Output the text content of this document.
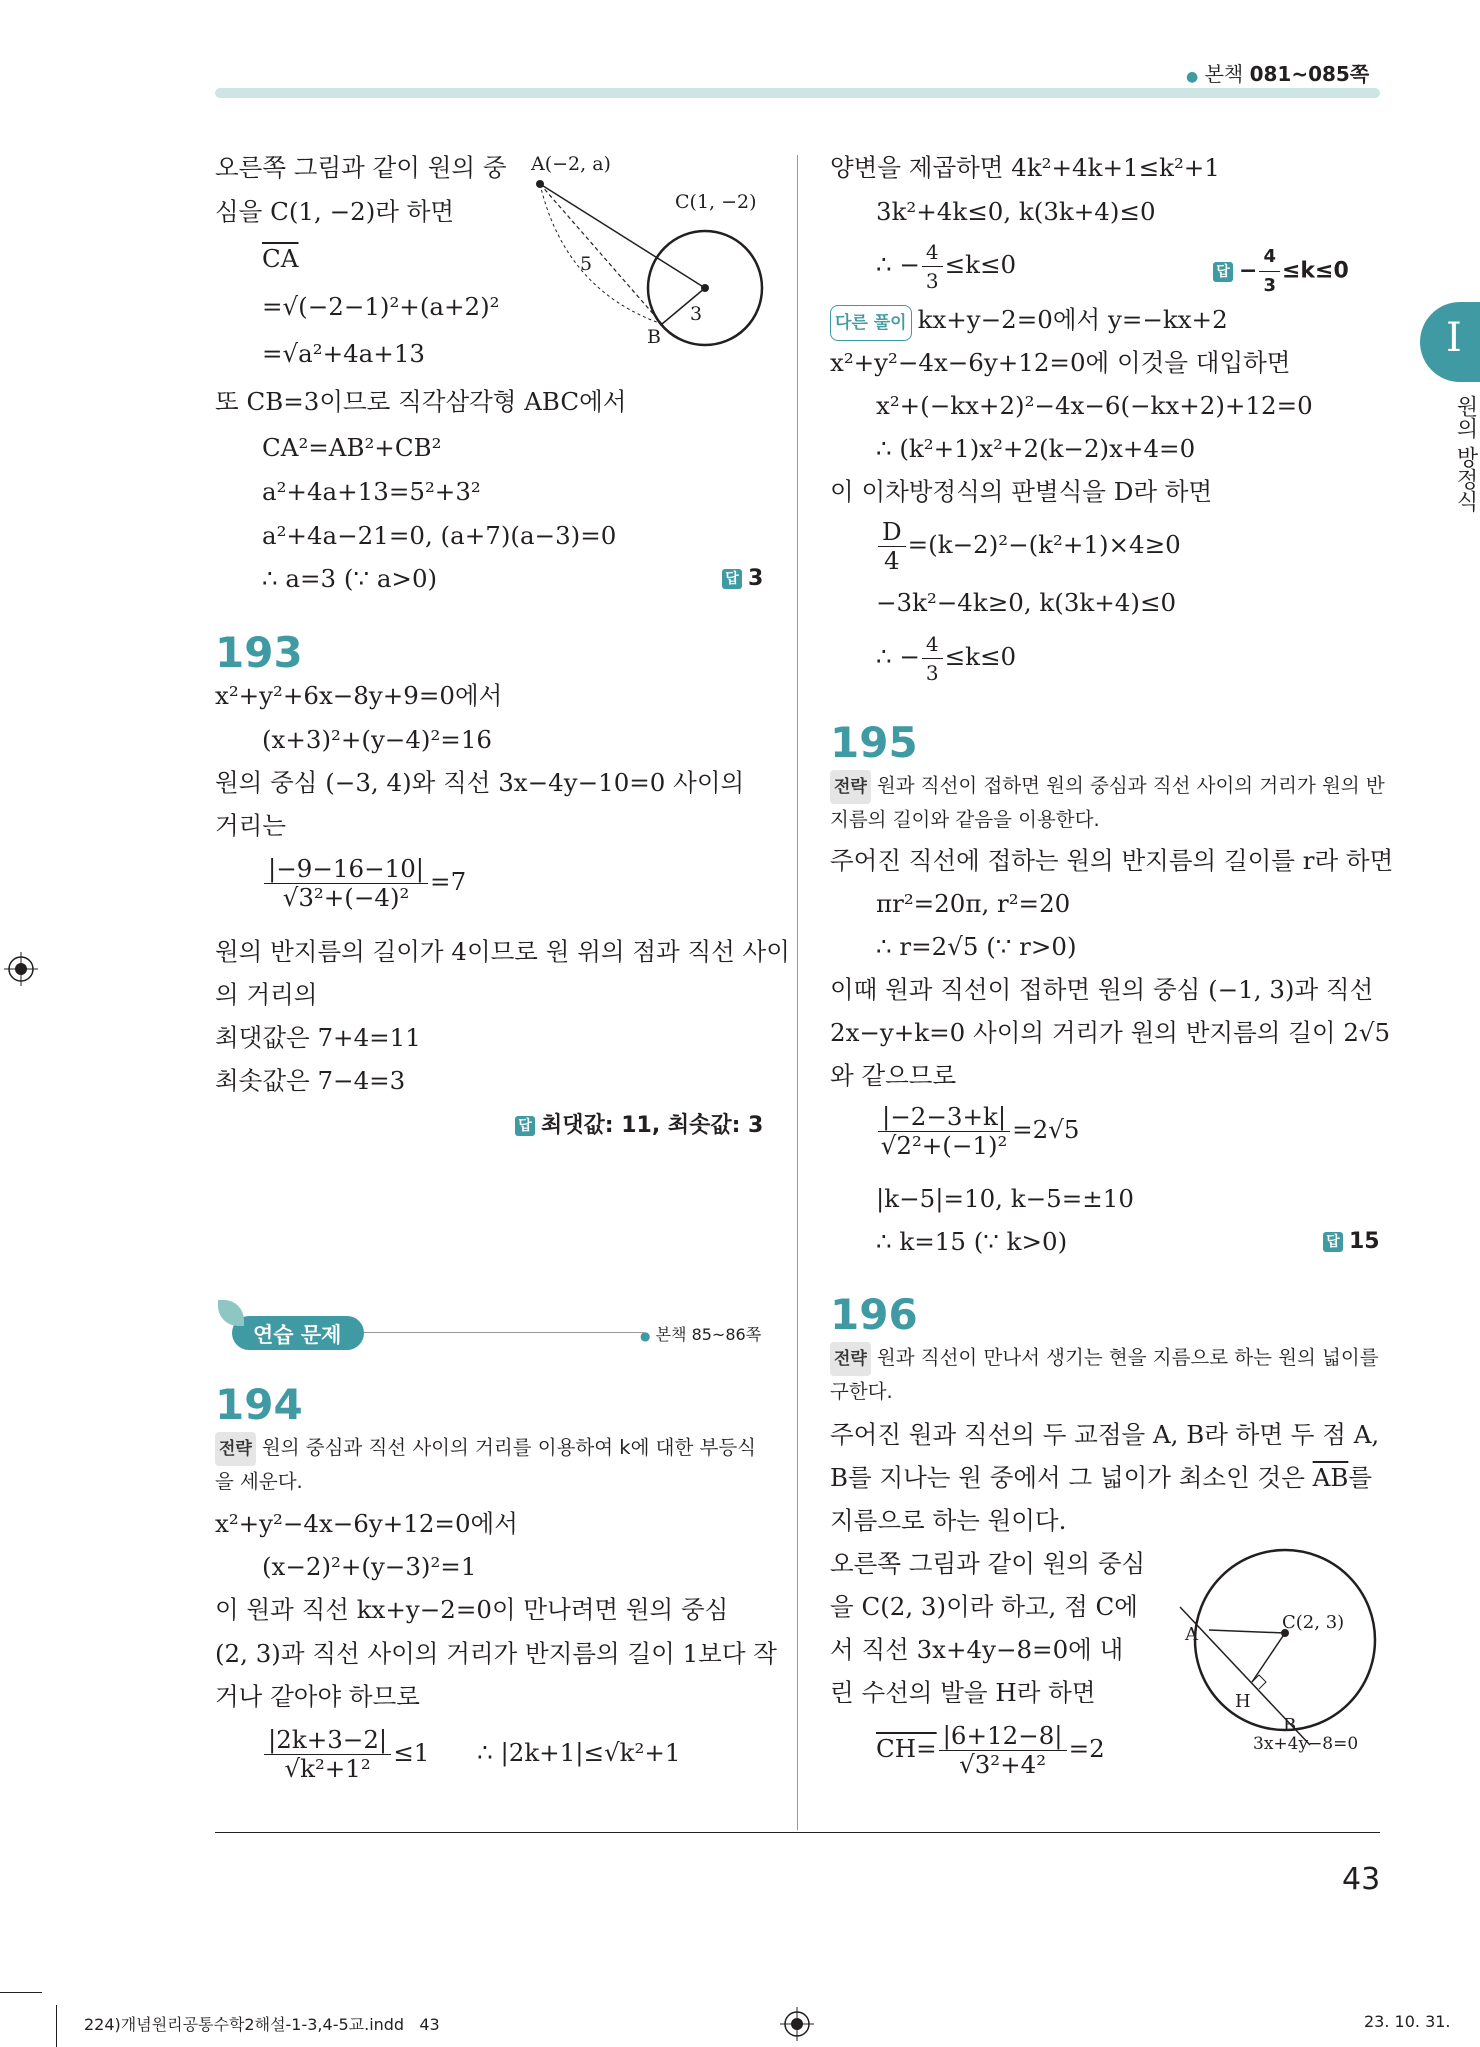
● 본책 081~085쪽
I
원의 방정식
오른쪽 그림과 같이 원의 중
심을 C(1, −2)라 하면
$\overline{CA}$
=√(−2−1)²+(a+2)²
=√a²+4a+13
또 CB=3이므로 직각삼각형 ABC에서
CA²=AB²+CB²
a²+4a+13=5²+3²
a²+4a−21=0, (a+7)(a−3)=0
∴ a=3 (∵ a>0)	답 3
A(−2, a)
C(1, −2)
B
5
3
193
x²+y²+6x−8y+9=0에서
(x+3)²+(y−4)²=16
원의 중심 (−3, 4)와 직선 3x−4y−10=0 사이의
거리는
$\frac{|-9-16-10|}{\text{√3²+(−4)²}} =7$
원의 반지름의 길이가 4이므로 원 위의 점과 직선 사이
의 거리의
최댓값은 7+4=11
최솟값은 7−4=3
답 최댓값: 11, 최솟값: 3
연습 문제	● 본책 85~86쪽
194
전략 원의 중심과 직선 사이의 거리를 이용하여 k에 대한 부등식을 세운다.
x²+y²−4x−6y+12=0에서
(x−2)²+(y−3)²=1
이 원과 직선 kx+y−2=0이 만나려면 원의 중심
(2, 3)과 직선 사이의 거리가 반지름의 길이 1보다 작
거나 같아야 하므로
$\frac{|2k+3-2|}{\text{√k²+1²}} \le 1$ ∴ |2k+1|≤√k²+1
양변을 제곱하면 4k²+4k+1≤k²+1
3k²+4k≤0, k(3k+4)≤0
∴ − $\frac{4}{3} \le k\le 0$	답 − $\frac{4}{3} \le k\le 0$
다른 풀이 kx+y−2=0에서 y=−kx+2
x²+y²−4x−6y+12=0에 이것을 대입하면
x²+(−kx+2)²−4x−6(−kx+2)+12=0
∴ (k²+1)x²+2(k−2)x+4=0
이 이차방정식의 판별식을 D라 하면
$\frac{D}{4} =(k-2)^2-(k^2+1)\times 4\ge 0$
−3k²−4k≥0, k(3k+4)≤0
∴ − $\frac{4}{3} \le k\le 0$
195
전략 원과 직선이 접하면 원의 중심과 직선 사이의 거리가 원의 반지름의 길이와 같음을 이용한다.
주어진 직선에 접하는 원의 반지름의 길이를 r라 하면
πr²=20π, r²=20
∴ r=2√5 (∵ r>0)
이때 원과 직선이 접하면 원의 중심 (−1, 3)과 직선
2x−y+k=0 사이의 거리가 원의 반지름의 길이 2√5
와 같으므로
$\frac{|-2-3+k|}{\text{√2²+(−1)²}} =2√5$
|k−5|=10, k−5=±10
∴ k=15 (∵ k>0)	답 15
196
전략 원과 직선이 만나서 생기는 현을 지름으로 하는 원의 넓이를 구한다.
주어진 원과 직선의 두 교점을 A, B라 하면 두 점 A,
B를 지나는 원 중에서 그 넓이가 최소인 것은 $\overline{AB}$를
지름으로 하는 원이다.
오른쪽 그림과 같이 원의 중심
을 C(2, 3)이라 하고, 점 C에
서 직선 3x+4y−8=0에 내
린 수선의 발을 H라 하면
$CH= \frac{|6+12-8|}{\text{√3²+4²}} =2$
C(2, 3)
A
H
B
3x+4y−8=0
43
224)개념원리공통수학2해설-1-3,4-5교.indd   43	23. 10. 31.
